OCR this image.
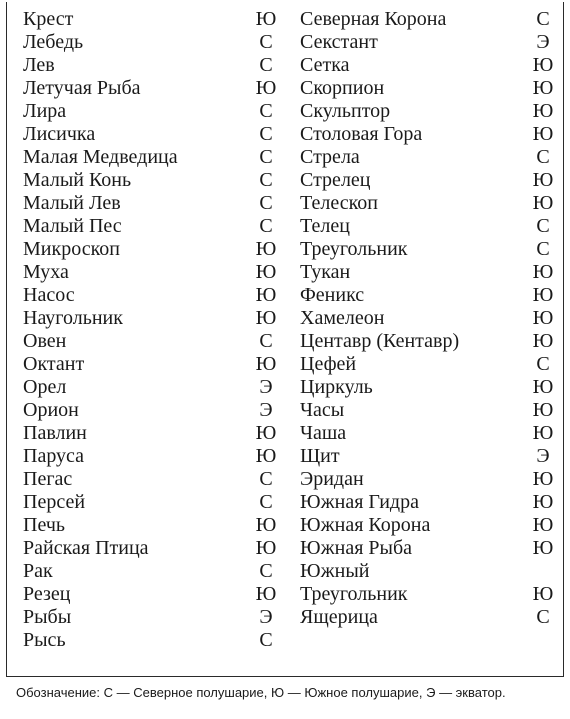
Крест	Ю
Лебедь	С
Лев	С
Летучая Рыба	Ю
Лира	С
Лисичка	С
Малая Медведица	С
Малый Конь	С
Малый Лев	С
Малый Пес	С
Микроскоп	Ю
Муха	Ю
Насос	Ю
Наугольник	Ю
Овен	С
Октант	Ю
Орел	Э
Орион	Э
Павлин	Ю
Паруса	Ю
Пегас	С
Персей	С
Печь	Ю
Райская Птица	Ю
Рак	С
Резец	Ю
Рыбы	Э
Рысь	С
Северная Корона	С
Секстант	Э
Сетка	Ю
Скорпион	Ю
Скульптор	Ю
Столовая Гора	Ю
Стрела	С
Стрелец	Ю
Телескоп	Ю
Телец	С
Треугольник	С
Тукан	Ю
Феникс	Ю
Хамелеон	Ю
Центавр (Кентавр)	Ю
Цефей	С
Циркуль	Ю
Часы	Ю
Чаша	Ю
Щит	Э
Эридан	Ю
Южная Гидра	Ю
Южная Корона	Ю
Южная Рыба	Ю
Южный
Треугольник	Ю
Ящерица	С
Обозначение: С — Северное полушарие, Ю — Южное полушарие, Э — экватор.
